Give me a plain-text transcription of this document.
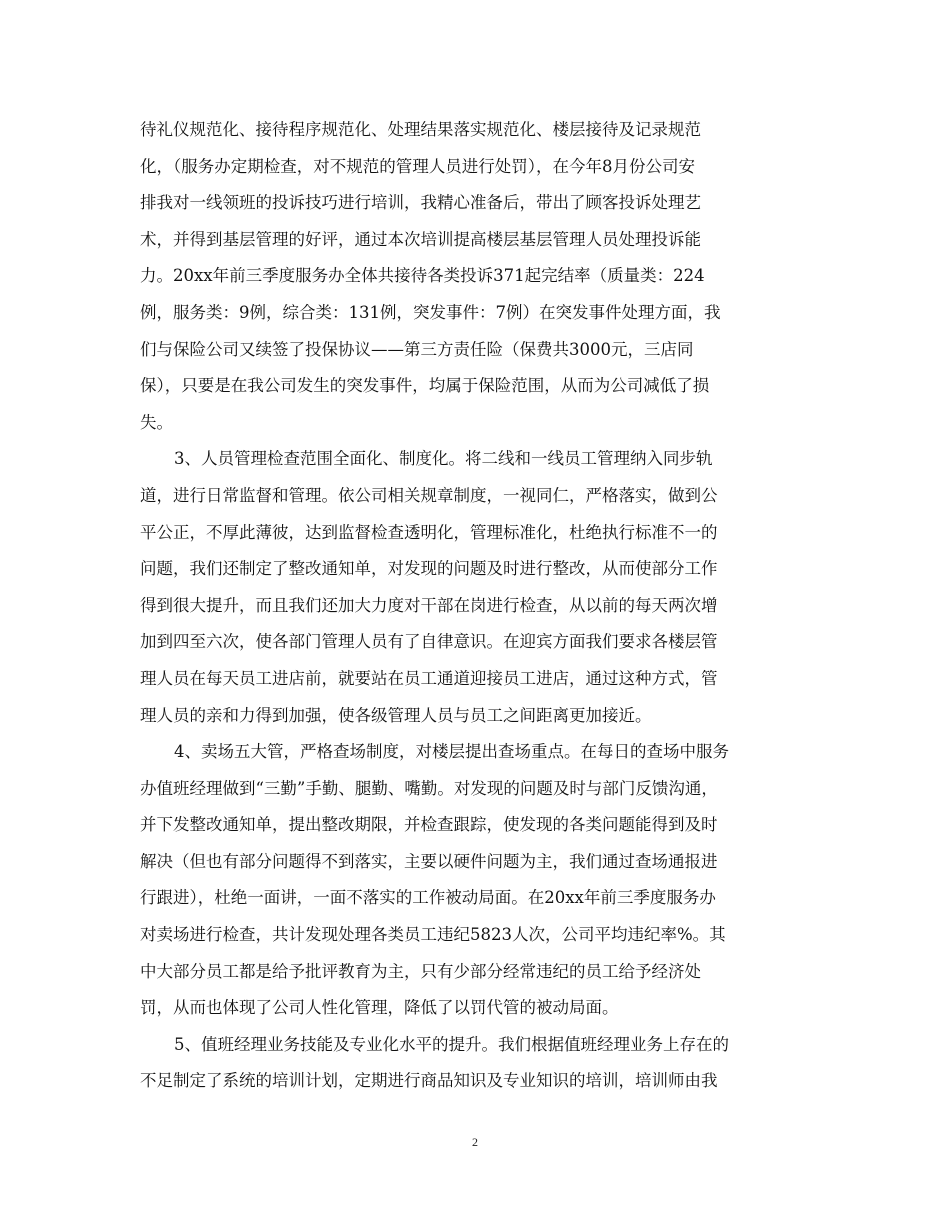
待礼仪规范化、接待程序规范化、处理结果落实规范化、楼层接待及记录规范
化，（服务办定期检查，对不规范的管理人员进行处罚），在今年8月份公司安
排我对一线领班的投诉技巧进行培训，我精心准备后，带出了顾客投诉处理艺
术，并得到基层管理的好评，通过本次培训提高楼层基层管理人员处理投诉能
力。20xx年前三季度服务办全体共接待各类投诉371起完结率（质量类：224
例，服务类：9例，综合类：131例，突发事件：7例）在突发事件处理方面，我
们与保险公司又续签了投保协议——第三方责任险（保费共3000元，三店同
保），只要是在我公司发生的突发事件，均属于保险范围，从而为公司减低了损
失。
3、人员管理检查范围全面化、制度化。将二线和一线员工管理纳入同步轨
道，进行日常监督和管理。依公司相关规章制度，一视同仁，严格落实，做到公
平公正，不厚此薄彼，达到监督检查透明化，管理标准化，杜绝执行标准不一的
问题，我们还制定了整改通知单，对发现的问题及时进行整改，从而使部分工作
得到很大提升，而且我们还加大力度对干部在岗进行检查，从以前的每天两次增
加到四至六次，使各部门管理人员有了自律意识。在迎宾方面我们要求各楼层管
理人员在每天员工进店前，就要站在员工通道迎接员工进店，通过这种方式，管
理人员的亲和力得到加强，使各级管理人员与员工之间距离更加接近。
4、卖场五大管，严格查场制度，对楼层提出查场重点。在每日的查场中服务
办值班经理做到“三勤”手勤、腿勤、嘴勤。对发现的问题及时与部门反馈沟通，
并下发整改通知单，提出整改期限，并检查跟踪，使发现的各类问题能得到及时
解决（但也有部分问题得不到落实，主要以硬件问题为主，我们通过查场通报进
行跟进），杜绝一面讲，一面不落实的工作被动局面。在20xx年前三季度服务办
对卖场进行检查，共计发现处理各类员工违纪5823人次，公司平均违纪率%。其
中大部分员工都是给予批评教育为主，只有少部分经常违纪的员工给予经济处
罚，从而也体现了公司人性化管理，降低了以罚代管的被动局面。
5、值班经理业务技能及专业化水平的提升。我们根据值班经理业务上存在的
不足制定了系统的培训计划，定期进行商品知识及专业知识的培训，培训师由我
2
